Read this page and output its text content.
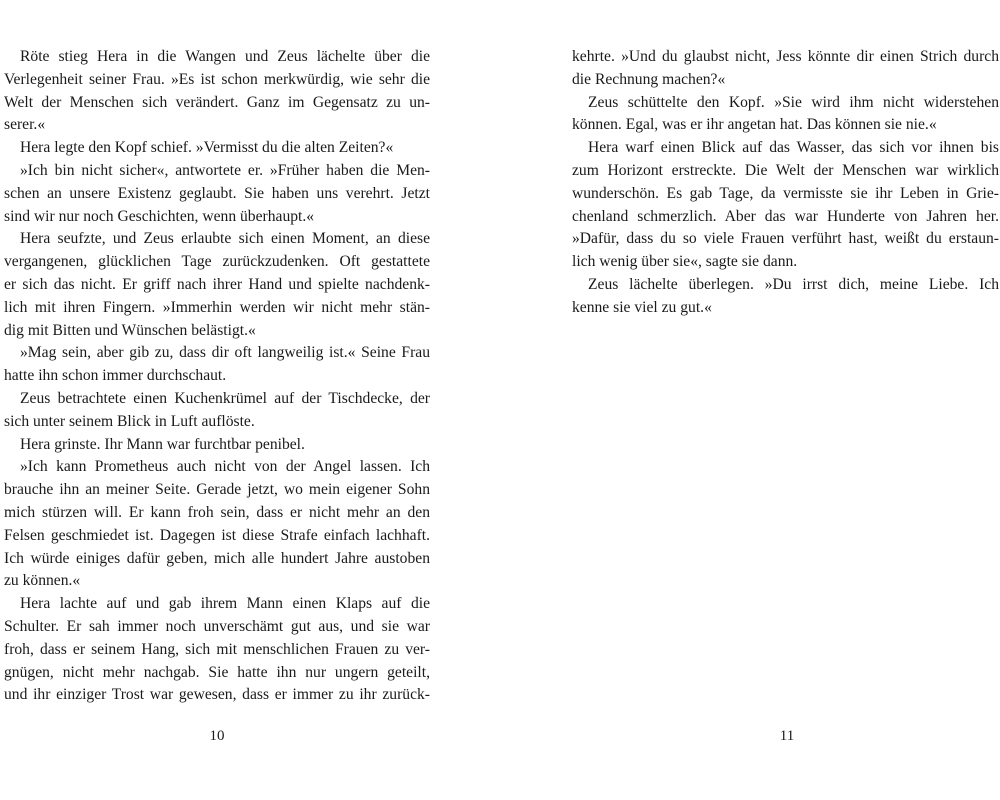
Röte stieg Hera in die Wangen und Zeus lächelte über die
Verlegenheit seiner Frau. »Es ist schon merkwürdig, wie sehr die
Welt der Menschen sich verändert. Ganz im Gegensatz zu un-
serer.«
Hera legte den Kopf schief. »Vermisst du die alten Zeiten?«
»Ich bin nicht sicher«, antwortete er. »Früher haben die Men-
schen an unsere Existenz geglaubt. Sie haben uns verehrt. Jetzt
sind wir nur noch Geschichten, wenn überhaupt.«
Hera seufzte, und Zeus erlaubte sich einen Moment, an diese
vergangenen, glücklichen Tage zurückzudenken. Oft gestattete
er sich das nicht. Er griff nach ihrer Hand und spielte nachdenk-
lich mit ihren Fingern. »Immerhin werden wir nicht mehr stän-
dig mit Bitten und Wünschen belästigt.«
»Mag sein, aber gib zu, dass dir oft langweilig ist.« Seine Frau
hatte ihn schon immer durchschaut.
Zeus betrachtete einen Kuchenkrümel auf der Tischdecke, der
sich unter seinem Blick in Luft auflöste.
Hera grinste. Ihr Mann war furchtbar penibel.
»Ich kann Prometheus auch nicht von der Angel lassen. Ich
brauche ihn an meiner Seite. Gerade jetzt, wo mein eigener Sohn
mich stürzen will. Er kann froh sein, dass er nicht mehr an den
Felsen geschmiedet ist. Dagegen ist diese Strafe einfach lachhaft.
Ich würde einiges dafür geben, mich alle hundert Jahre austoben
zu können.«
Hera lachte auf und gab ihrem Mann einen Klaps auf die
Schulter. Er sah immer noch unverschämt gut aus, und sie war
froh, dass er seinem Hang, sich mit menschlichen Frauen zu ver-
gnügen, nicht mehr nachgab. Sie hatte ihn nur ungern geteilt,
und ihr einziger Trost war gewesen, dass er immer zu ihr zurück-
10
kehrte. »Und du glaubst nicht, Jess könnte dir einen Strich durch
die Rechnung machen?«
Zeus schüttelte den Kopf. »Sie wird ihm nicht widerstehen
können. Egal, was er ihr angetan hat. Das können sie nie.«
Hera warf einen Blick auf das Wasser, das sich vor ihnen bis
zum Horizont erstreckte. Die Welt der Menschen war wirklich
wunderschön. Es gab Tage, da vermisste sie ihr Leben in Grie-
chenland schmerzlich. Aber das war Hunderte von Jahren her.
»Dafür, dass du so viele Frauen verführt hast, weißt du erstaun-
lich wenig über sie«, sagte sie dann.
Zeus lächelte überlegen. »Du irrst dich, meine Liebe. Ich
kenne sie viel zu gut.«
11
